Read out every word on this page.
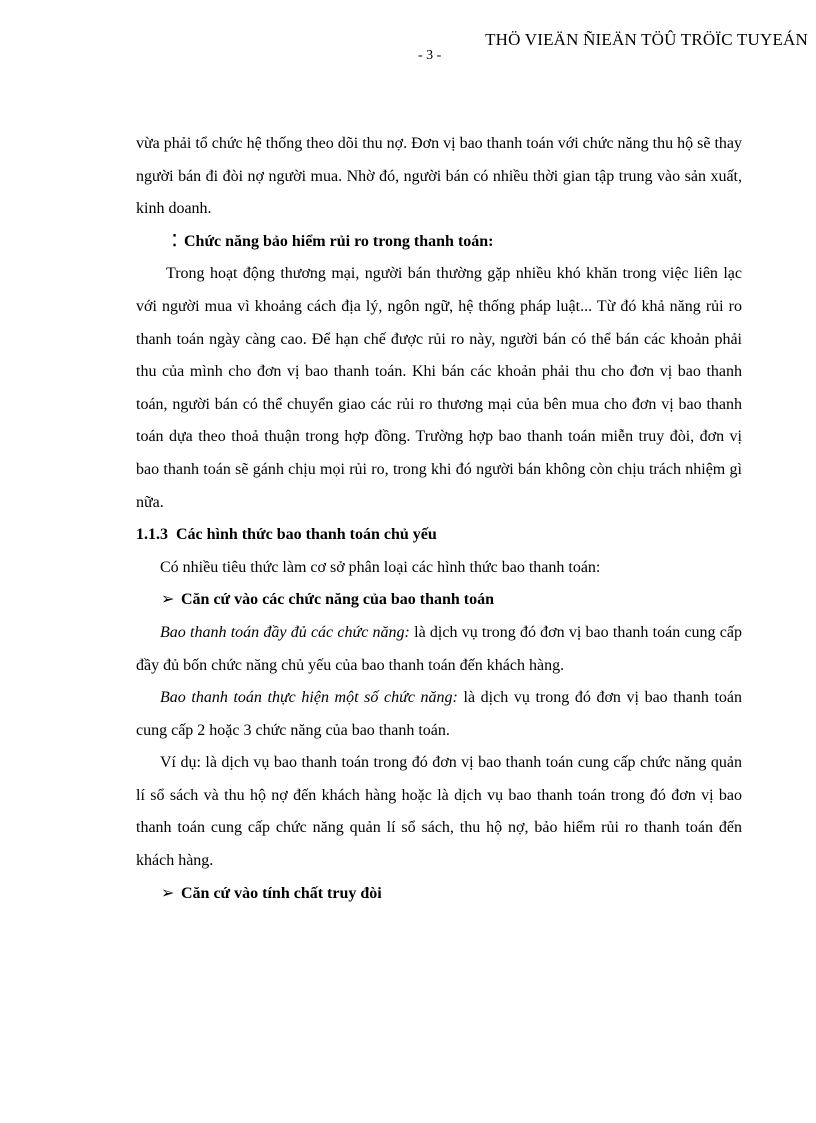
THÖ VIEÄN ÑIEÄN TÖÛ TRÖÏC TUYEÁN
- 3 -

vừa phải tổ chức hệ thống theo dõi thu nợ. Đơn vị bao thanh toán với chức năng thu hộ sẽ thay người bán đi đòi nợ người mua. Nhờ đó, người bán có nhiều thời gian tập trung vào sản xuất, kinh doanh.

⁚ Chức năng bảo hiểm rủi ro trong thanh toán:

Trong hoạt động thương mại, người bán thường gặp nhiều khó khăn trong việc liên lạc với người mua vì khoảng cách địa lý, ngôn ngữ, hệ thống pháp luật... Từ đó khả năng rủi ro thanh toán ngày càng cao. Để hạn chế được rủi ro này, người bán có thể bán các khoản phải thu của mình cho đơn vị bao thanh toán. Khi bán các khoản phải thu cho đơn vị bao thanh toán, người bán có thể chuyển giao các rủi ro thương mại của bên mua cho đơn vị bao thanh toán dựa theo thoả thuận trong hợp đồng. Trường hợp bao thanh toán miễn truy đòi, đơn vị bao thanh toán sẽ gánh chịu mọi rủi ro, trong khi đó người bán không còn chịu trách nhiệm gì nữa.

1.1.3 Các hình thức bao thanh toán chủ yếu

Có nhiều tiêu thức làm cơ sở phân loại các hình thức bao thanh toán:

➢ Căn cứ vào các chức năng của bao thanh toán

Bao thanh toán đầy đủ các chức năng: là dịch vụ trong đó đơn vị bao thanh toán cung cấp đầy đủ bốn chức năng chủ yếu của bao thanh toán đến khách hàng.

Bao thanh toán thực hiện một số chức năng: là dịch vụ trong đó đơn vị bao thanh toán cung cấp 2 hoặc 3 chức năng của bao thanh toán.

Ví dụ: là dịch vụ bao thanh toán trong đó đơn vị bao thanh toán cung cấp chức năng quản lí sổ sách và thu hộ nợ đến khách hàng hoặc là dịch vụ bao thanh toán trong đó đơn vị bao thanh toán cung cấp chức năng quản lí sổ sách, thu hộ nợ, bảo hiểm rủi ro thanh toán đến khách hàng.

➢ Căn cứ vào tính chất truy đòi
